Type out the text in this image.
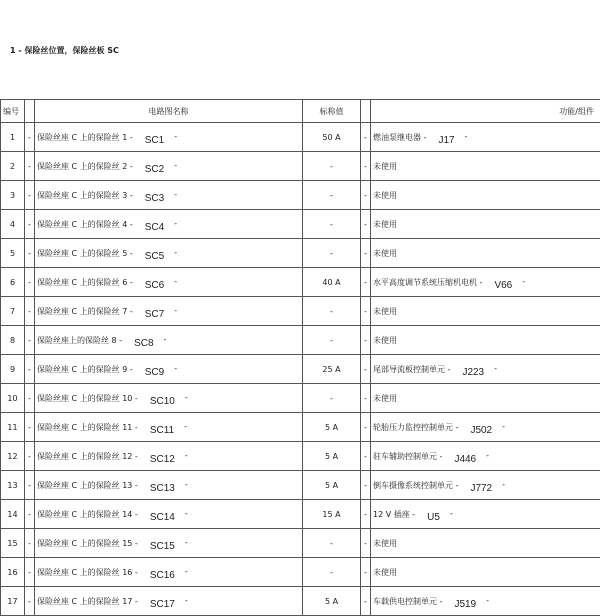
1 - 保险丝位置，保险丝板 SC
编号		电路图名称	标称值		功能/组件
1	-	保险丝座 C 上的保险丝 1 - SC1 -	50 A	-	燃油泵继电器 - J17 -
2	-	保险丝座 C 上的保险丝 2 - SC2 -	-	-	未使用
3	-	保险丝座 C 上的保险丝 3 - SC3 -	-	-	未使用
4	-	保险丝座 C 上的保险丝 4 - SC4 -	-	-	未使用
5	-	保险丝座 C 上的保险丝 5 - SC5 -	-	-	未使用
6	-	保险丝座 C 上的保险丝 6 - SC6 -	40 A	-	水平高度调节系统压缩机电机 - V66 -
7	-	保险丝座 C 上的保险丝 7 - SC7 -	-	-	未使用
8	-	保险丝座上的保险丝 8 - SC8 -	-	-	未使用
9	-	保险丝座 C 上的保险丝 9 - SC9 -	25 A	-	尾部导流板控制单元 - J223 -
10	-	保险丝座 C 上的保险丝 10 - SC10 -	-	-	未使用
11	-	保险丝座 C 上的保险丝 11 - SC11 -	5 A	-	轮胎压力监控控制单元 - J502 -
12	-	保险丝座 C 上的保险丝 12 - SC12 -	5 A	-	驻车辅助控制单元 - J446 -
13	-	保险丝座 C 上的保险丝 13 - SC13 -	5 A	-	倒车摄像系统控制单元 - J772 -
14	-	保险丝座 C 上的保险丝 14 - SC14 -	15 A	-	12 V 插座 - U5 -
15	-	保险丝座 C 上的保险丝 15 - SC15 -	-	-	未使用
16	-	保险丝座 C 上的保险丝 16 - SC16 -	-	-	未使用
17	-	保险丝座 C 上的保险丝 17 - SC17 -	5 A	-	车载供电控制单元 - J519 -
